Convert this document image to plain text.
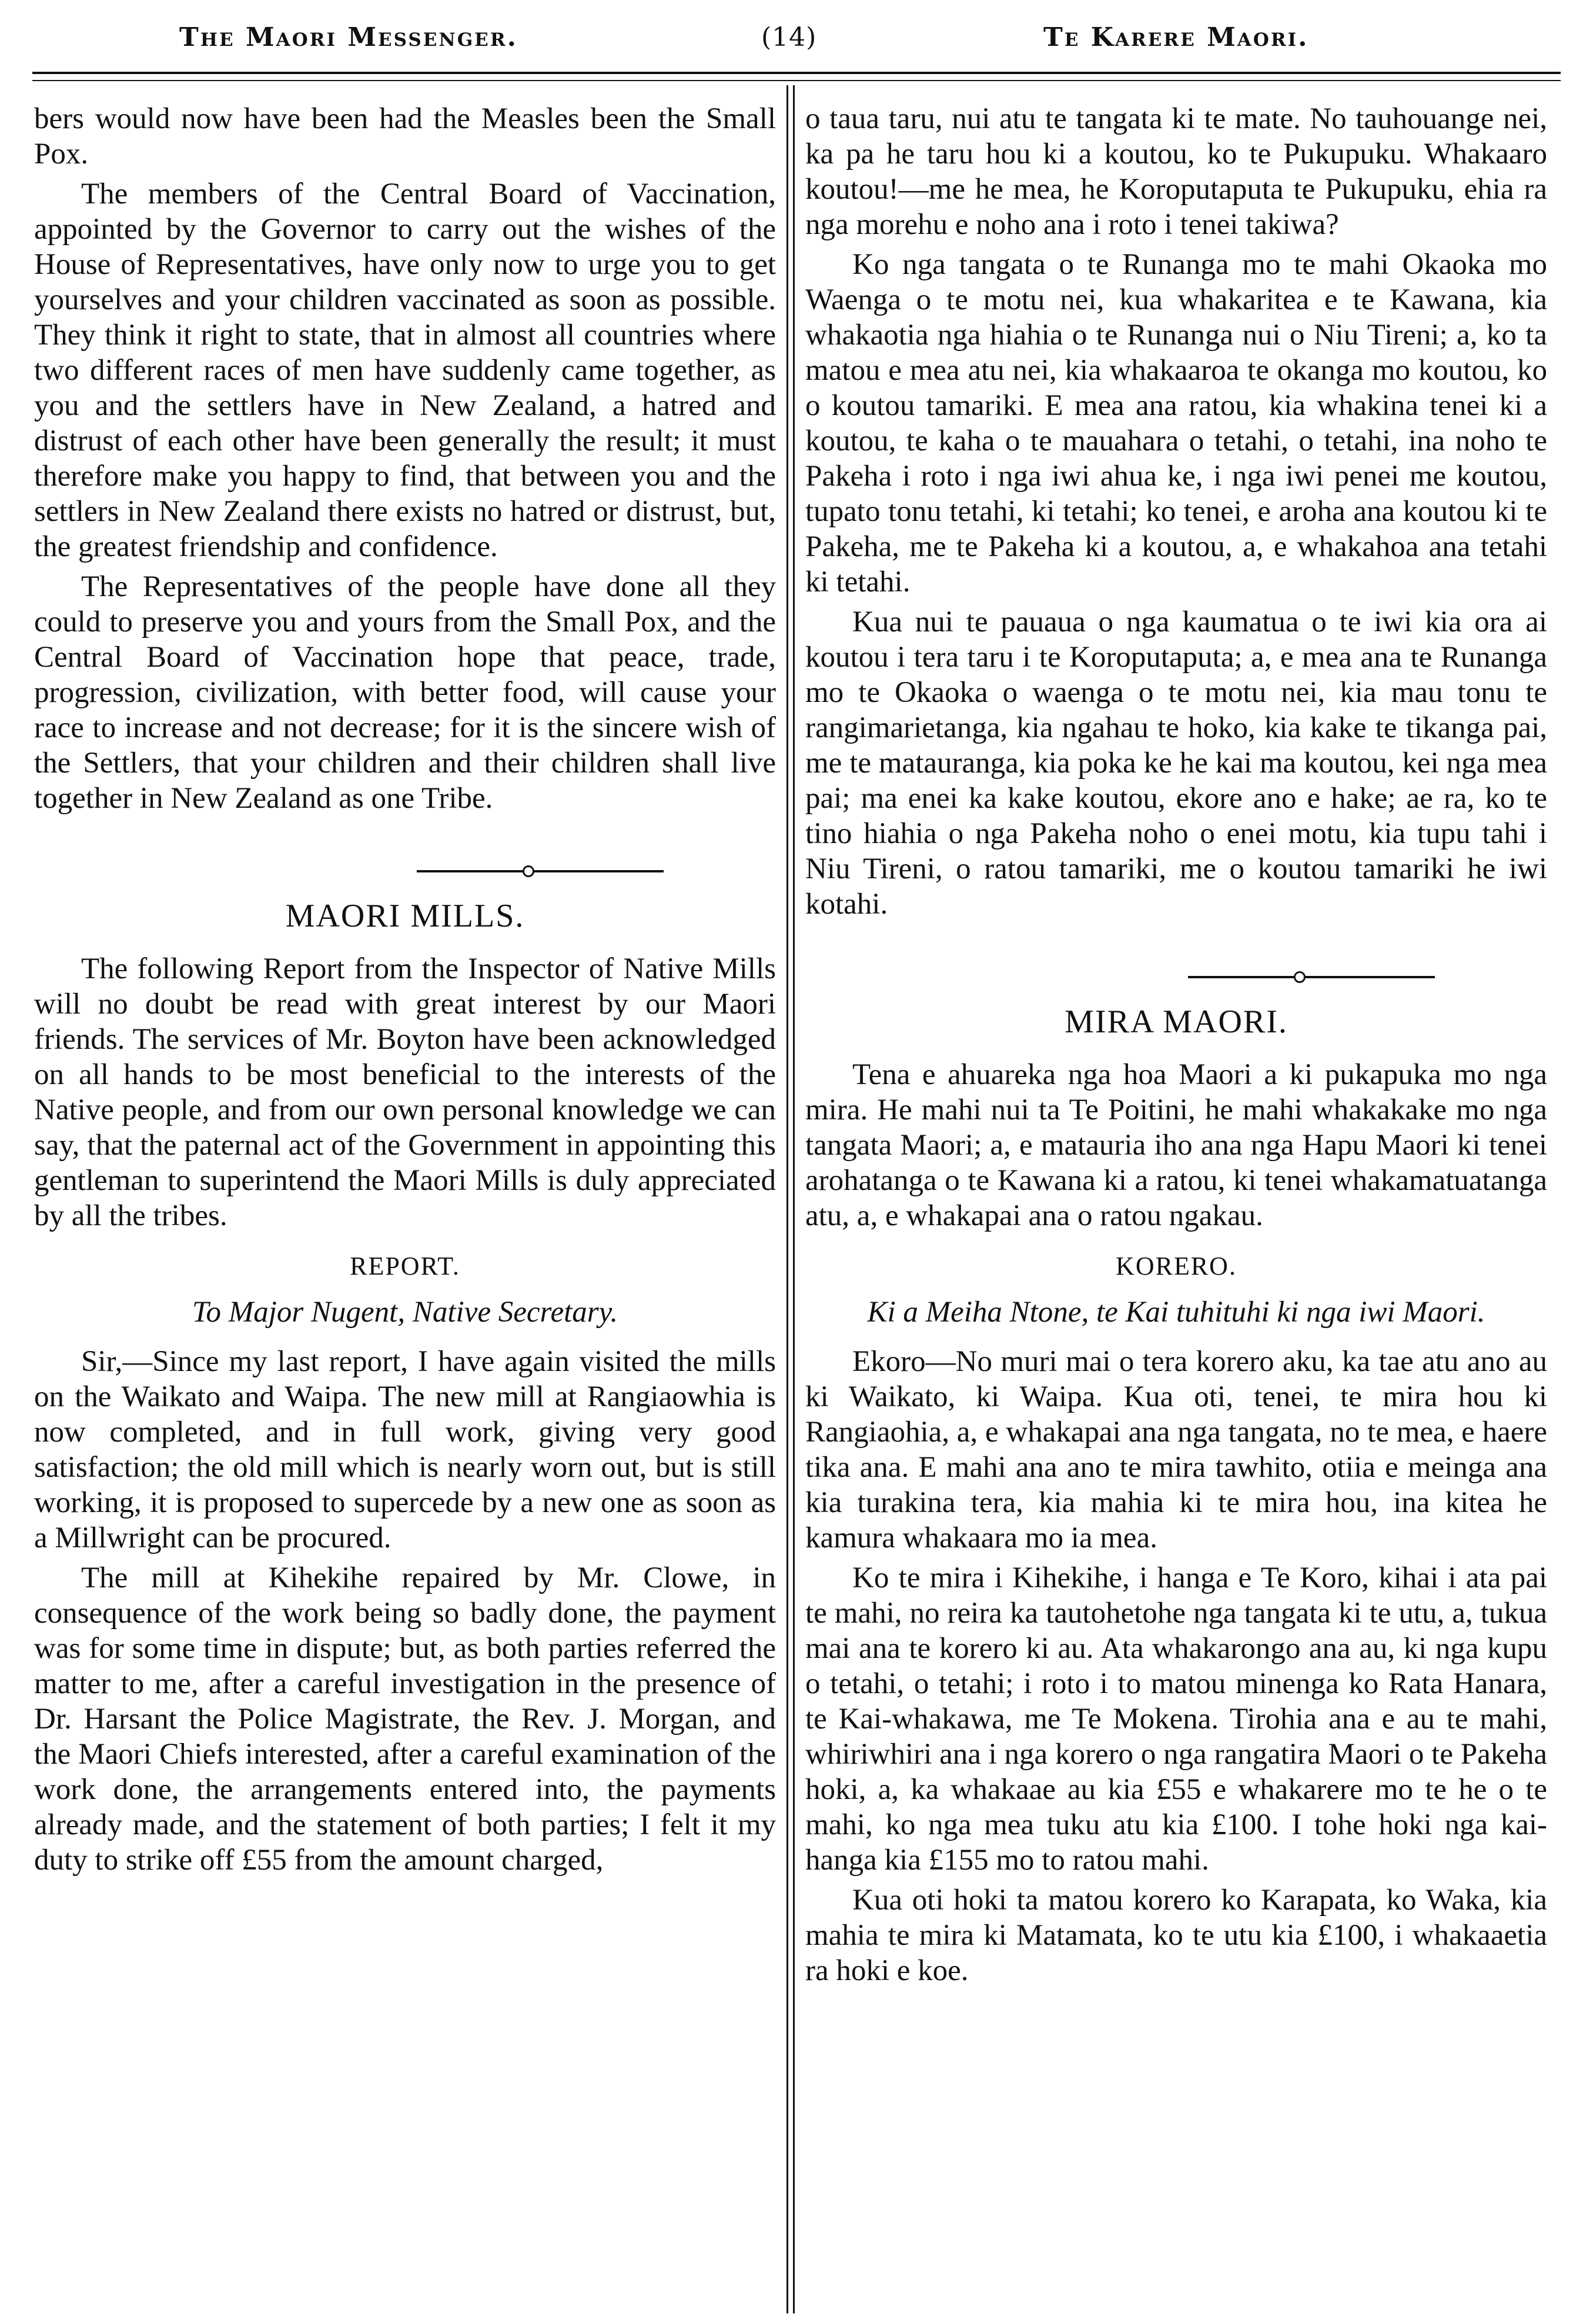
The Maori Messenger.	(14)	Te Karere Maori.

bers would now have been had the Measles been the Small Pox.

The members of the Central Board of Vaccination, appointed by the Governor to carry out the wishes of the House of Representatives, have only now to urge you to get yourselves and your children vaccinated as soon as possible. They think it right to state, that in almost all countries where two different races of men have suddenly came together, as you and the settlers have in New Zealand, a hatred and distrust of each other have been generally the result; it must therefore make you happy to find, that between you and the settlers in New Zealand there exists no hatred or distrust, but, the greatest friendship and confidence.

The Representatives of the people have done all they could to preserve you and yours from the Small Pox, and the Central Board of Vaccination hope that peace, trade, progression, civilization, with better food, will cause your race to increase and not decrease; for it is the sincere wish of the Settlers, that your children and their children shall live together in New Zealand as one Tribe.

MAORI MILLS.

The following Report from the Inspector of Native Mills will no doubt be read with great interest by our Maori friends. The services of Mr. Boyton have been acknowledged on all hands to be most beneficial to the interests of the Native people, and from our own personal knowledge we can say, that the paternal act of the Government in appointing this gentleman to superintend the Maori Mills is duly appreciated by all the tribes.

REPORT.
To Major Nugent, Native Secretary.

Sir,—Since my last report, I have again visited the mills on the Waikato and Waipa. The new mill at Rangiaowhia is now completed, and in full work, giving very good satisfaction; the old mill which is nearly worn out, but is still working, it is proposed to supercede by a new one as soon as a Millwright can be procured.

The mill at Kihekihe repaired by Mr. Clowe, in consequence of the work being so badly done, the payment was for some time in dispute; but, as both parties referred the matter to me, after a careful investigation in the presence of Dr. Harsant the Police Magistrate, the Rev. J. Morgan, and the Maori Chiefs interested, after a careful examination of the work done, the arrangements entered into, the payments already made, and the statement of both parties; I felt it my duty to strike off £55 from the amount charged,

o taua taru, nui atu te tangata ki te mate. No tauhouange nei, ka pa he taru hou ki a koutou, ko te Pukupuku. Whakaaro koutou!—me he mea, he Koroputaputa te Pukupuku, ehia ra nga morehu e noho ana i roto i tenei takiwa?

Ko nga tangata o te Runanga mo te mahi Okaoka mo Waenga o te motu nei, kua whakaritea e te Kawana, kia whakaotia nga hiahia o te Runanga nui o Niu Tireni; a, ko ta matou e mea atu nei, kia whakaaroa te okanga mo koutou, ko o koutou tamariki. E mea ana ratou, kia whakina tenei ki a koutou, te kaha o te mauahara o tetahi, o tetahi, ina noho te Pakeha i roto i nga iwi ahua ke, i nga iwi penei me koutou, tupato tonu tetahi, ki tetahi; ko tenei, e aroha ana koutou ki te Pakeha, me te Pakeha ki a koutou, a, e whakahoa ana tetahi ki tetahi.

Kua nui te pauaua o nga kaumatua o te iwi kia ora ai koutou i tera taru i te Koroputaputa; a, e mea ana te Runanga mo te Okaoka o waenga o te motu nei, kia mau tonu te rangimarietanga, kia ngahau te hoko, kia kake te tikanga pai, me te matauranga, kia poka ke he kai ma koutou, kei nga mea pai; ma enei ka kake koutou, ekore ano e hake; ae ra, ko te tino hiahia o nga Pakeha noho o enei motu, kia tupu tahi i Niu Tireni, o ratou tamariki, me o koutou tamariki he iwi kotahi.

MIRA MAORI.

Tena e ahuareka nga hoa Maori a ki pukapuka mo nga mira. He mahi nui ta Te Poitini, he mahi whakakake mo nga tangata Maori; a, e matauria iho ana nga Hapu Maori ki tenei arohatanga o te Kawana ki a ratou, ki tenei whakamatuatanga atu, a, e whakapai ana o ratou ngakau.

KORERO.
Ki a Meiha Ntone, te Kai tuhituhi ki nga iwi Maori.

Ekoro—No muri mai o tera korero aku, ka tae atu ano au ki Waikato, ki Waipa. Kua oti, tenei, te mira hou ki Rangiaohia, a, e whakapai ana nga tangata, no te mea, e haere tika ana. E mahi ana ano te mira tawhito, otiia e meinga ana kia turakina tera, kia mahia ki te mira hou, ina kitea he kamura whakaara mo ia mea.

Ko te mira i Kihekihe, i hanga e Te Koro, kihai i ata pai te mahi, no reira ka tautohetohe nga tangata ki te utu, a, tukua mai ana te korero ki au. Ata whakarongo ana au, ki nga kupu o tetahi, o tetahi; i roto i to matou minenga ko Rata Hanara, te Kai-whakawa, me Te Mokena. Tirohia ana e au te mahi, whiriwhiri ana i nga korero o nga rangatira Maori o te Pakeha hoki, a, ka whakaae au kia £55 e whakarere mo te he o te mahi, ko nga mea tuku atu kia £100. I tohe hoki nga kai-hanga kia £155 mo to ratou mahi.

Kua oti hoki ta matou korero ko Karapata, ko Waka, kia mahia te mira ki Matamata, ko te utu kia £100, i whakaaetia ra hoki e koe.
